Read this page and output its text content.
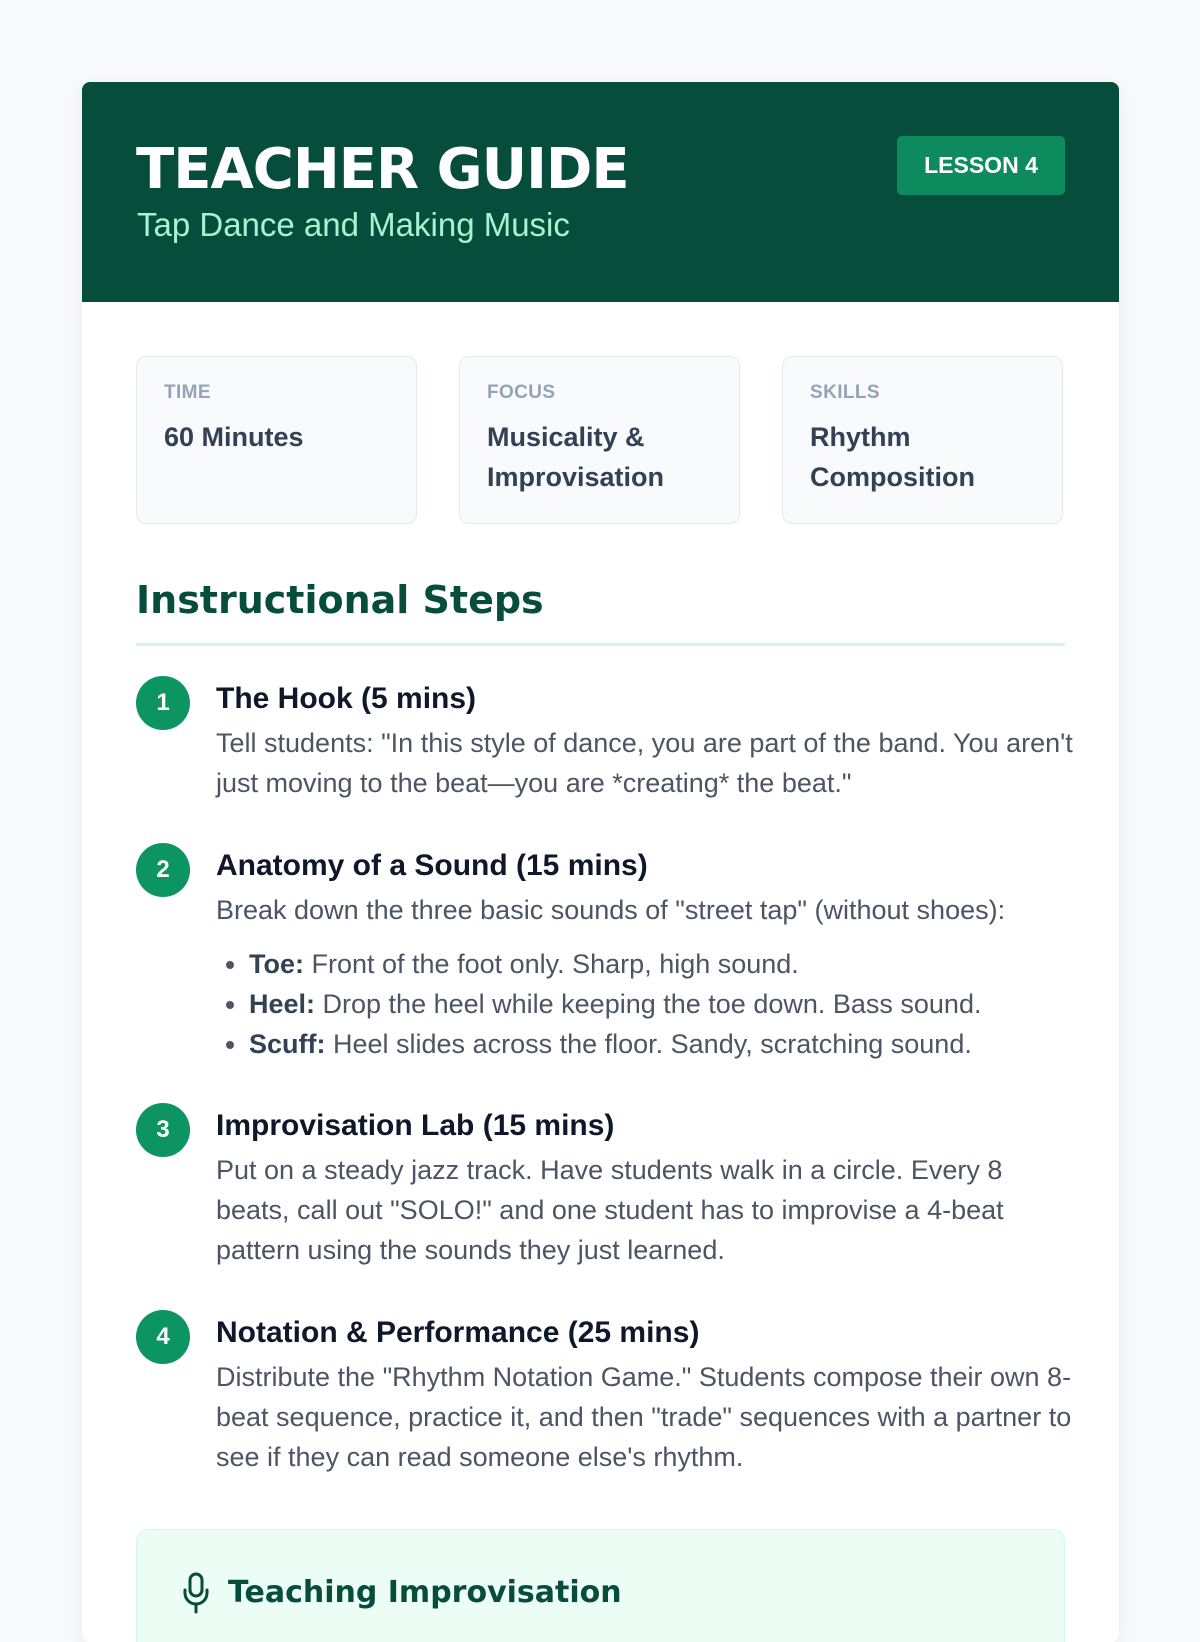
TEACHER GUIDE

Tap Dance and Making Music

LESSON 4
TIME
60 Minutes
FOCUS
Musicality & Improvisation
SKILLS
Rhythm Composition
Instructional Steps
1	The Hook (5 mins)

Tell students: "In this style of dance, you are part of the band. You aren't just moving to the beat—you are *creating* the beat."

2	Anatomy of a Sound (15 mins)

Break down the three basic sounds of "street tap" (without shoes):

• Toe: Front of the foot only. Sharp, high sound.
• Heel: Drop the heel while keeping the toe down. Bass sound.
• Scuff: Heel slides across the floor. Sandy, scratching sound.
3	Improvisation Lab (15 mins)

Put on a steady jazz track. Have students walk in a circle. Every 8 beats, call out "SOLO!" and one student has to improvise a 4-beat pattern using the sounds they just learned.

4	Notation & Performance (25 mins)

Distribute the "Rhythm Notation Game." Students compose their own 8-beat sequence, practice it, and then "trade" sequences with a partner to see if they can read someone else's rhythm.

Teaching Improvisation
